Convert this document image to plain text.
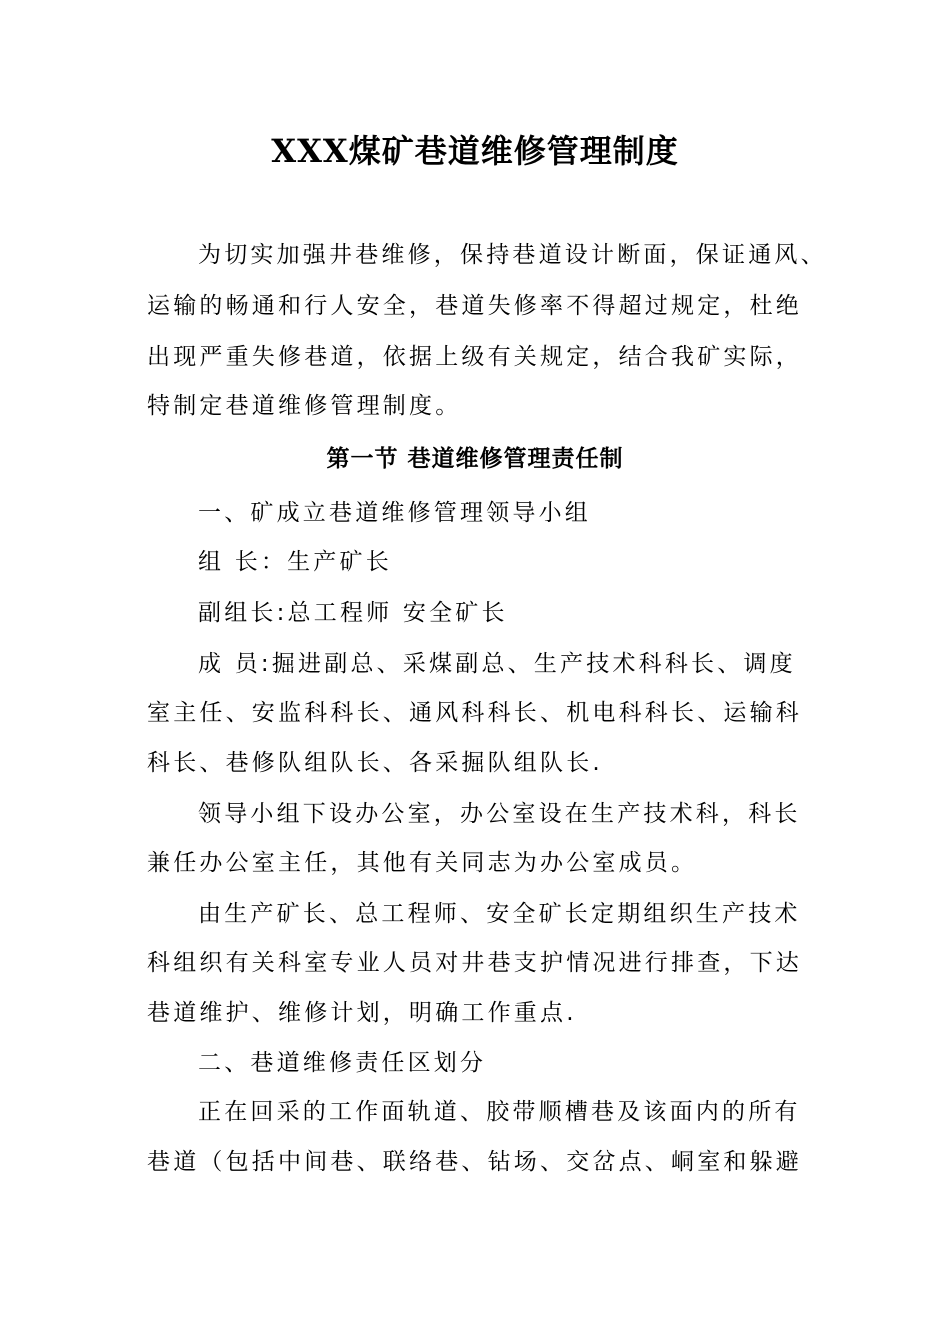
XXX煤矿巷道维修管理制度
为切实加强井巷维修，保持巷道设计断面，保证通风、
运输的畅通和行人安全，巷道失修率不得超过规定，杜绝
出现严重失修巷道，依据上级有关规定，结合我矿实际，
特制定巷道维修管理制度。
第一节 巷道维修管理责任制
一、矿成立巷道维修管理领导小组
组 长：生产矿长
副组长:总工程师 安全矿长
成 员:掘进副总、采煤副总、生产技术科科长、调度
室主任、安监科科长、通风科科长、机电科科长、运输科
科长、巷修队组队长、各采掘队组队长.
领导小组下设办公室，办公室设在生产技术科，科长
兼任办公室主任，其他有关同志为办公室成员。
由生产矿长、总工程师、安全矿长定期组织生产技术
科组织有关科室专业人员对井巷支护情况进行排查，下达
巷道维护、维修计划，明确工作重点.
二、巷道维修责任区划分
正在回采的工作面轨道、胶带顺槽巷及该面内的所有
巷道（包括中间巷、联络巷、钻场、交岔点、峒室和躲避
